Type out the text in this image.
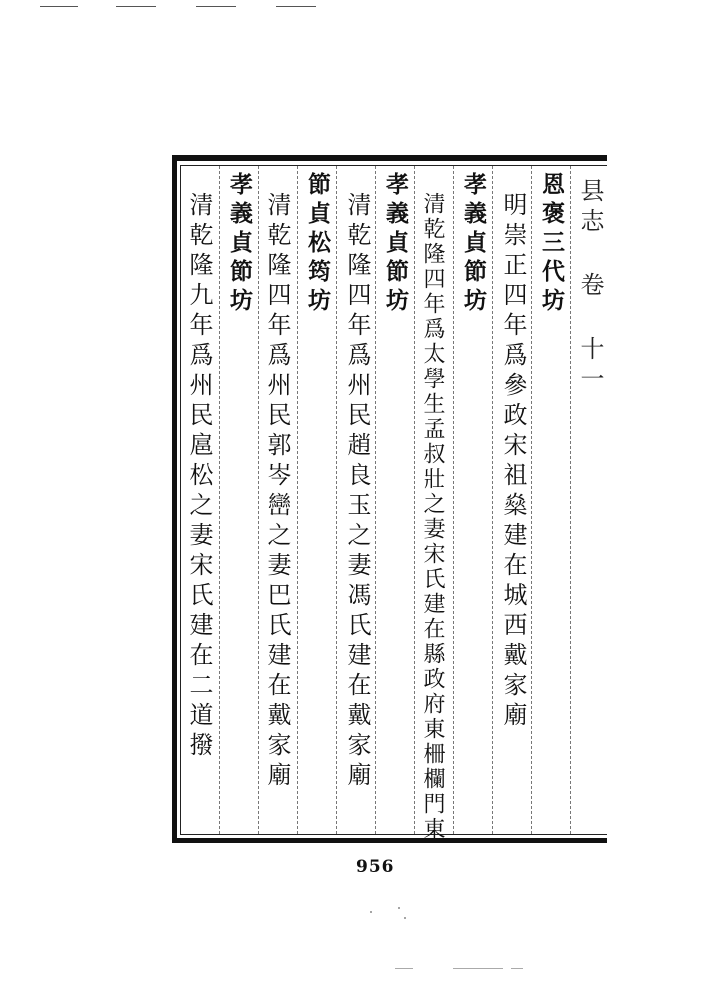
县志 卷 十一
恩褒三代坊
明崇正四年爲參政宋祖燊建在城西戴家廟
孝義貞節坊
清乾隆四年爲太學生孟叔壯之妻宋氏建在縣政府東柵欄門東
孝義貞節坊
清乾隆四年爲州民趙良玉之妻馮氏建在戴家廟
節貞松筠坊
清乾隆四年爲州民郭岑巒之妻巴氏建在戴家廟
孝義貞節坊
清乾隆九年爲州民扈松之妻宋氏建在二道撥
956
